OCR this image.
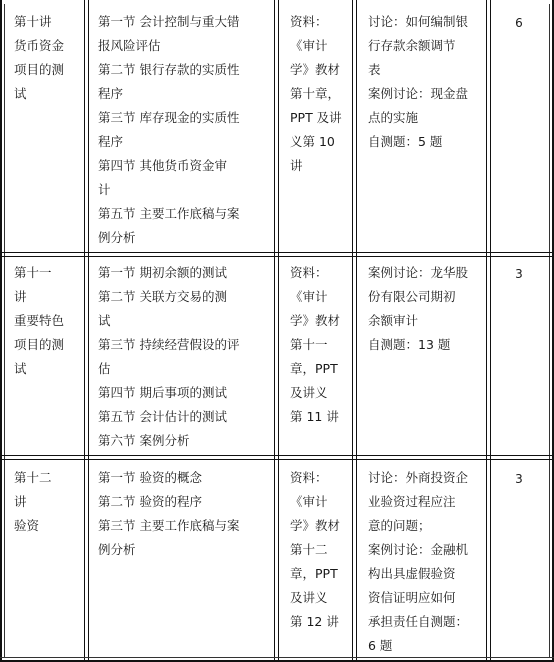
第十讲
货币资金
项目的测
试
第一节 会计控制与重大错
报风险评估
第二节 银行存款的实质性
程序
第三节 库存现金的实质性
程序
第四节 其他货币资金审
计
第五节 主要工作底稿与案
例分析
资料：
《审计
学》教材
第十章，
PPT 及讲
义第 10
讲
讨论：如何编制银
行存款余额调节
表
案例讨论：现金盘
点的实施
自测题：5 题
6
第十一
讲
重要特色
项目的测
试
第一节 期初余额的测试
第二节 关联方交易的测
试
第三节 持续经营假设的评
估
第四节 期后事项的测试
第五节 会计估计的测试
第六节 案例分析
资料：
《审计
学》教材
第十一
章，PPT
及讲义
第 11 讲
案例讨论：龙华股
份有限公司期初
余额审计
自测题：13 题
3
第十二
讲
验资
第一节 验资的概念
第二节 验资的程序
第三节 主要工作底稿与案
例分析
资料：
《审计
学》教材
第十二
章，PPT
及讲义
第 12 讲
讨论：外商投资企
业验资过程应注
意的问题；
案例讨论：金融机
构出具虚假验资
资信证明应如何
承担责任自测题：
6 题
3
